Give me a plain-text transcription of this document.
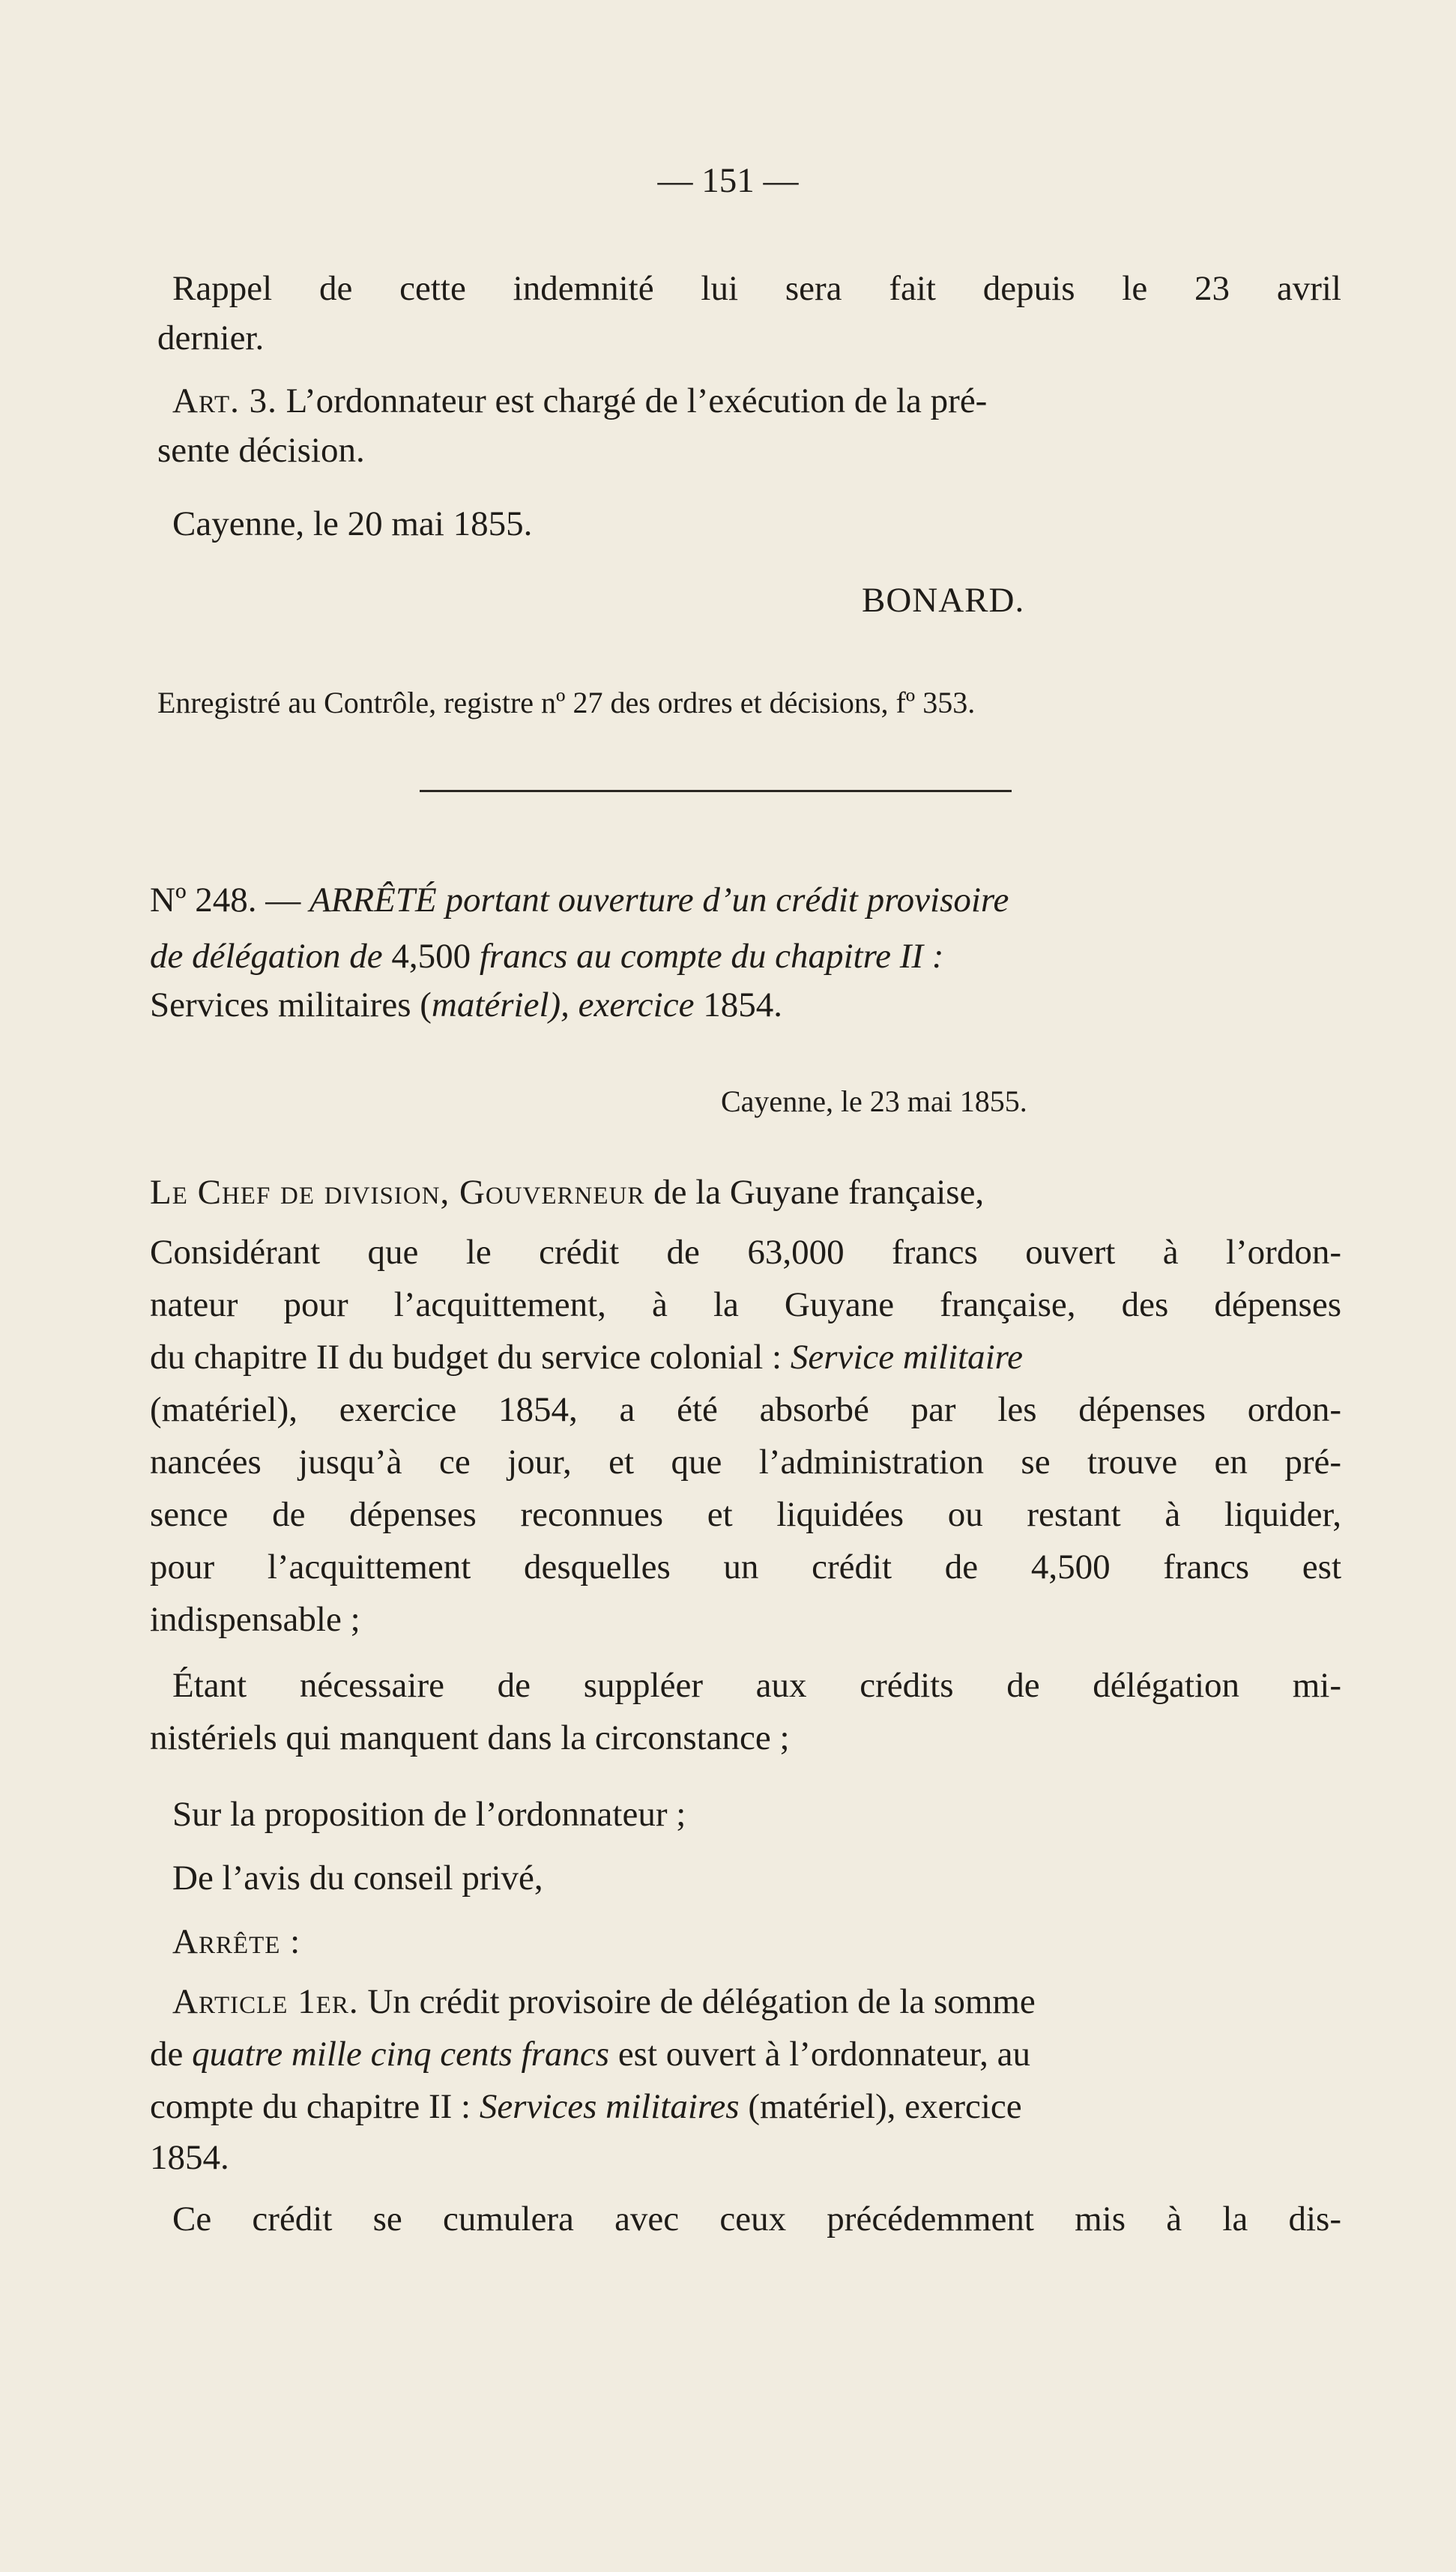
— 151 —
Rappel de cette indemnité lui sera fait depuis le 23 avril
dernier.
Art. 3. L’ordonnateur est chargé de l’exécution de la pré-
sente décision.
Cayenne, le 20 mai 1855.
BONARD.
Enregistré au Contrôle, registre nº 27 des ordres et décisions, fº 353.
Nº 248. — ARRÊTÉ portant ouverture d’un crédit provisoire
de délégation de 4,500 francs au compte du chapitre II :
Services militaires (matériel), exercice 1854.
Cayenne, le 23 mai 1855.
Le Chef de division, Gouverneur de la Guyane française,
Considérant que le crédit de 63,000 francs ouvert à l’ordon-
nateur pour l’acquittement, à la Guyane française, des dépenses
du chapitre II du budget du service colonial : Service militaire
(matériel), exercice 1854, a été absorbé par les dépenses ordon-
nancées jusqu’à ce jour, et que l’administration se trouve en pré-
sence de dépenses reconnues et liquidées ou restant à liquider,
pour l’acquittement desquelles un crédit de 4,500 francs est
indispensable ;
Étant nécessaire de suppléer aux crédits de délégation mi-
nistériels qui manquent dans la circonstance ;
Sur la proposition de l’ordonnateur ;
De l’avis du conseil privé,
Arrête :
Article 1er. Un crédit provisoire de délégation de la somme
de quatre mille cinq cents francs est ouvert à l’ordonnateur, au
compte du chapitre II : Services militaires (matériel), exercice
1854.
Ce crédit se cumulera avec ceux précédemment mis à la dis-
